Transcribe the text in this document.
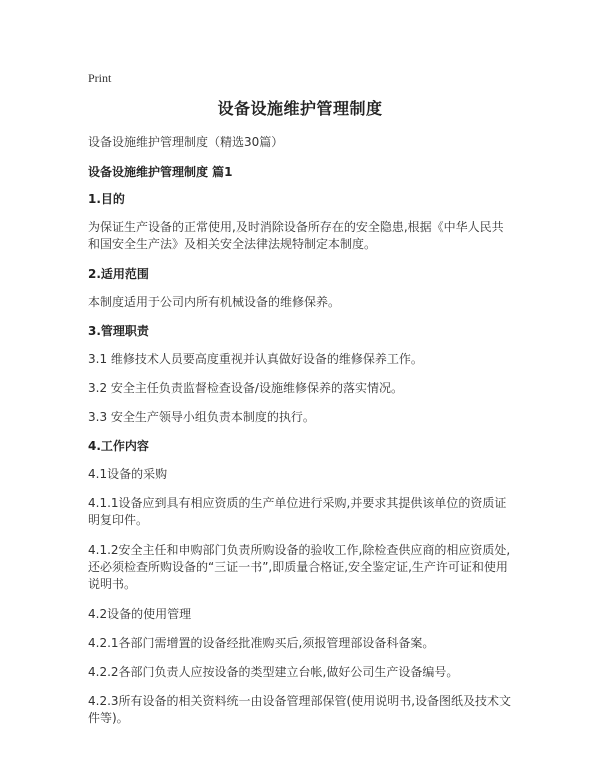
Print
设备设施维护管理制度
设备设施维护管理制度（精选30篇）
设备设施维护管理制度 篇1
1.目的
为保证生产设备的正常使用,及时消除设备所存在的安全隐患,根据《中华人民共和国安全生产法》及相关安全法律法规特制定本制度。
2.适用范围
本制度适用于公司内所有机械设备的维修保养。
3.管理职责
3.1 维修技术人员要高度重视并认真做好设备的维修保养工作。
3.2 安全主任负责监督检查设备/设施维修保养的落实情况。
3.3 安全生产领导小组负责本制度的执行。
4.工作内容
4.1设备的采购
4.1.1设备应到具有相应资质的生产单位进行采购,并要求其提供该单位的资质证明复印件。
4.1.2安全主任和申购部门负责所购设备的验收工作,除检查供应商的相应资质处,还必须检查所购设备的“三证一书”,即质量合格证,安全鉴定证,生产许可证和使用说明书。
4.2设备的使用管理
4.2.1各部门需增置的设备经批准购买后,须报管理部设备科备案。
4.2.2各部门负责人应按设备的类型建立台帐,做好公司生产设备编号。
4.2.3所有设备的相关资料统一由设备管理部保管(使用说明书,设备图纸及技术文件等)。
